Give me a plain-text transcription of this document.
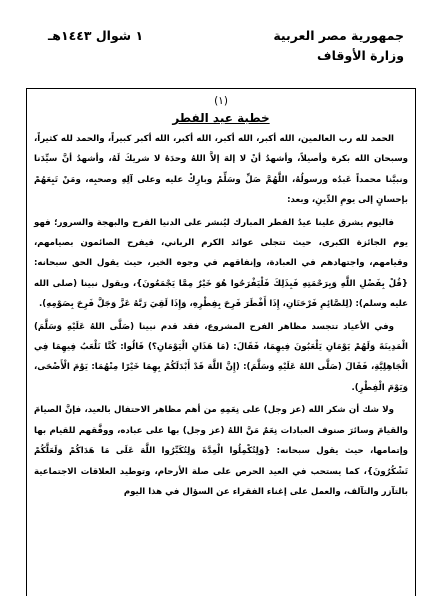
جمهورية مصر العربية
وزارة الأوقاف
١ شوال ١٤٤٣هـ
(١)
خطبة عيد الفطر

الحمد لله رب العالمين، الله أكبر، الله أكبر، الله أكبر، الله أكبر كبيراً، والحمد لله كثيراً، وسبحان الله بكرة وأصيلاً، وأشهدُ أنْ لا إلهَ إلاَّ اللهُ وحدَهُ لا شريكَ لَهُ، وأشهدُ أنَّ سيِّدَنا ونبيَّنا محمداً عَبدُه ورسولُهُ، اللَّهُمَّ صَلِّ وسَلِّمْ وبارِكْ عليه وعلى آلِهِ وصحبِه، ومَنْ تَبِعَهُمْ بإحسانٍ إلى يومِ الدِّينِ، وبعد:

فاليوم يشرق علينا عيدُ الفطر المبارك ليُنشر على الدنيا الفرح والبهجة والسرور؛ فهو يوم الجائزة الكبرى، حيث تتجلى عوائد الكرم الرباني، فيفرح الصائمون بصيامهم، وقيامهم، واجتهادهم في العبادة، وإنفاقهم في وجوه الخير، حيث يقول الحق سبحانه: {قُلْ بِفَضْلِ اللَّهِ وَبِرَحْمَتِهِ فَبِذَلِكَ فَلْيَفْرَحُوا هُوَ خَيْرٌ مِمَّا يَجْمَعُونَ}، ويقول نبينا (صلى الله عليه وسلم): (لِلصَّائِمِ فَرْحَتَانِ، إِذَا أَفْطَرَ فَرِحَ بِفِطْرِهِ، وَإِذَا لَقِيَ رَبَّهُ عَزَّ وَجَلَّ فَرِحَ بِصَوْمِهِ).

وفي الأعياد تتجسد مظاهر الفرح المشروع، فقد قدم نبينا (صَلَّى اللهُ عَلَيْهِ وَسَلَّمَ) الْمَدِينَةَ وَلَهُمْ يَوْمَانِ يَلْعَبُونَ فِيهِمَا، فَقَالَ: (مَا هَذَانِ الْيَوْمَانِ؟) قَالُوا: كُنَّا نَلْعَبُ فِيهِمَا فِي الْجَاهِلِيَّةِ، فَقَالَ (صَلَّى اللهُ عَلَيْهِ وَسَلَّمَ): (إِنَّ اللَّهَ قَدْ أَبْدَلَكُمْ بِهِمَا خَيْرًا مِنْهُمَا: يَوْمَ الْأَضْحَى، وَيَوْمَ الْفِطْرِ).

ولا شك أن شكر الله (عز وجل) على نِعَمِهِ من أهم مظاهر الاحتفال بالعيد، فإنَّ الصيامَ والقيامَ وسائرَ صنوف العبادات نِعَمٌ مَنَّ اللهُ (عز وجل) بها على عباده، ووفَّقهم للقيام بها وإتمامها، حيث يقول سبحانه: {وَلِتُكْمِلُوا الْعِدَّةَ وَلِتُكَبِّرُوا اللَّهَ عَلَى مَا هَدَاكُمْ وَلَعَلَّكُمْ تَشْكُرُونَ}، كما يستحب في العيد الحرص على صلة الأرحام، وتوطيد العلاقات الاجتماعية بالتآزر والتآلف، والعمل على إغناء الفقراء عن السؤال في هذا اليوم
